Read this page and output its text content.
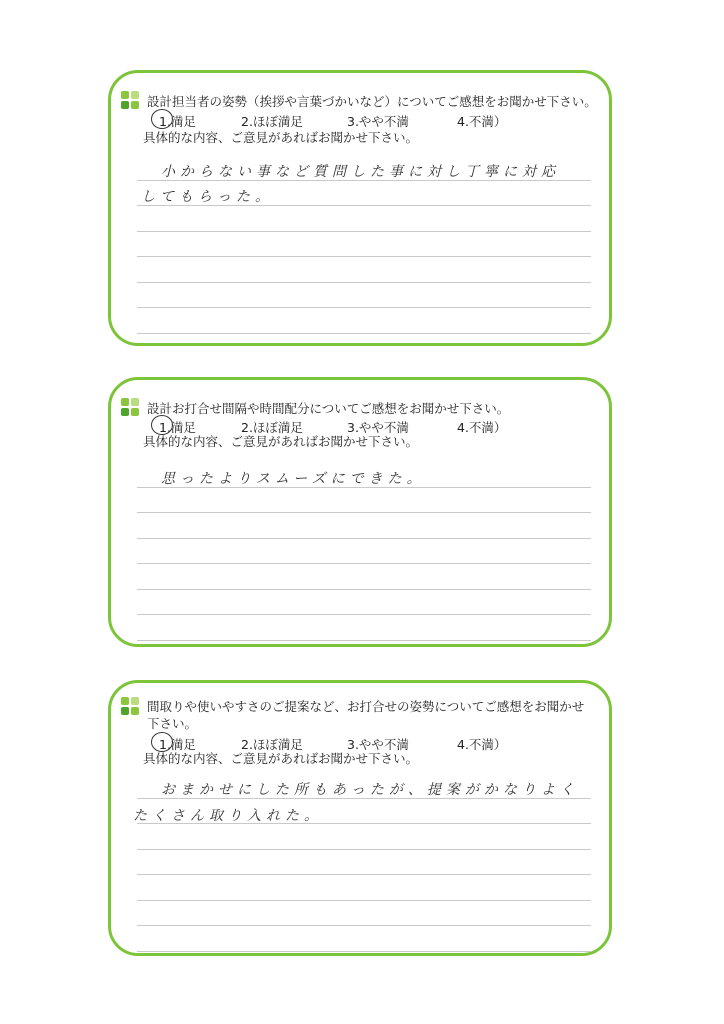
設計担当者の姿勢（挨拶や言葉づかいなど）についてご感想をお聞かせ下さい。
1.満足	2.ほぼ満足	3.やや不満	4.不満）
具体的な内容、ご意見があればお聞かせ下さい。
小からない事など質問した事に対し丁寧に対応
してもらった。
設計お打合せ間隔や時間配分についてご感想をお聞かせ下さい。
1.満足	2.ほぼ満足	3.やや不満	4.不満）
具体的な内容、ご意見があればお聞かせ下さい。
思ったよりスムーズにできた。
間取りや使いやすさのご提案など、お打合せの姿勢についてご感想をお聞かせ下さい。
1.満足	2.ほぼ満足	3.やや不満	4.不満）
具体的な内容、ご意見があればお聞かせ下さい。
おまかせにした所もあったが、提案がかなりよく
たくさん取り入れた。
